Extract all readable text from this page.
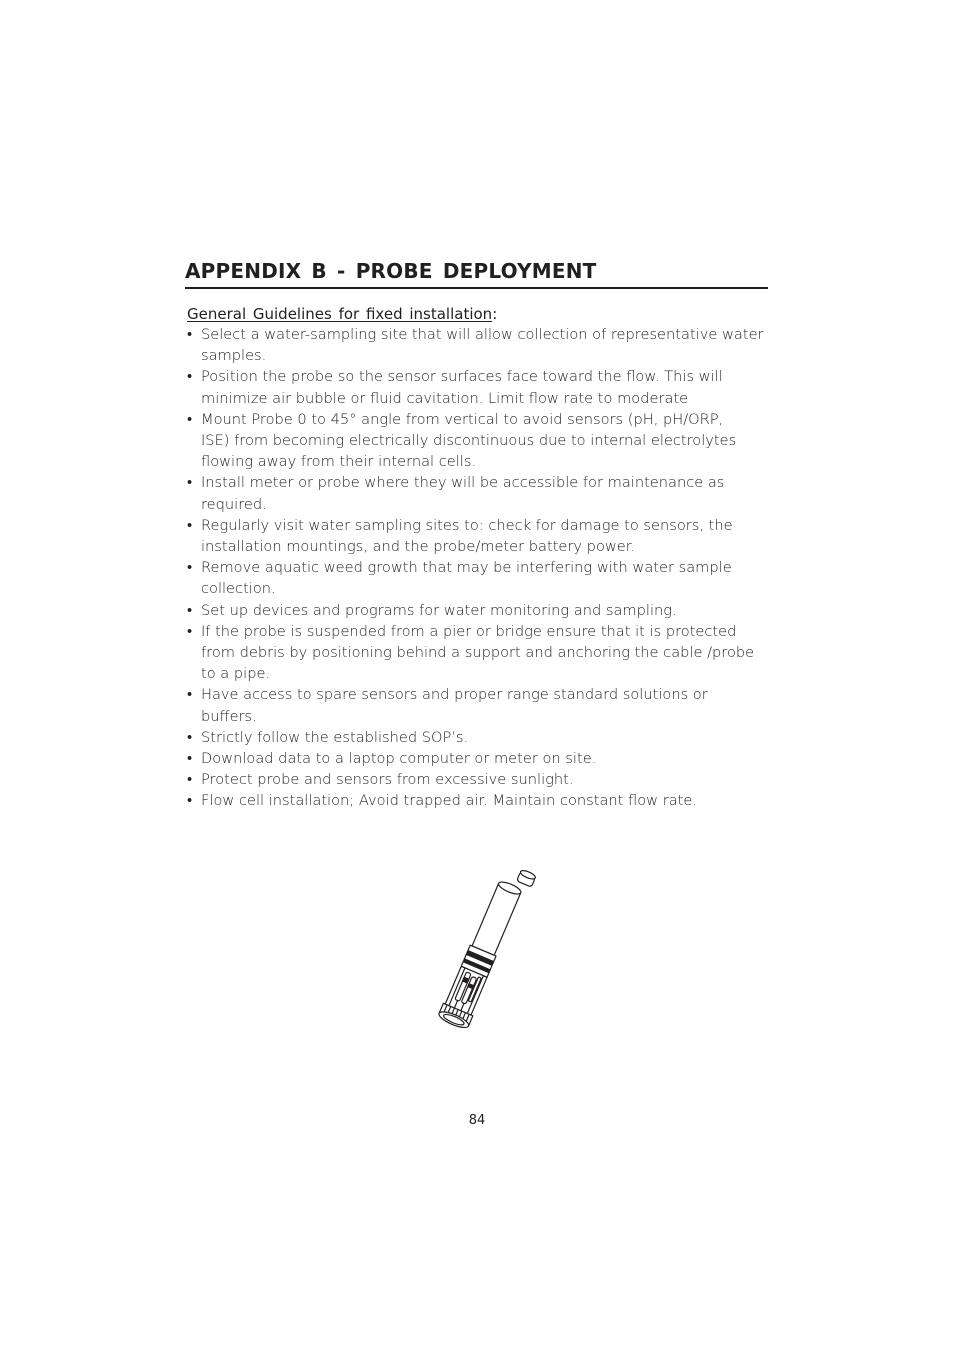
APPENDIX B - PROBE DEPLOYMENT

General Guidelines for fixed installation:

• Select a water-sampling site that will allow collection of representative water
samples.
• Position the probe so the sensor surfaces face toward the flow. This will
minimize air bubble or fluid cavitation. Limit flow rate to moderate
• Mount Probe 0 to 45° angle from vertical to avoid sensors (pH, pH/ORP,
ISE) from becoming electrically discontinuous due to internal electrolytes
flowing away from their internal cells.
• Install meter or probe where they will be accessible for maintenance as
required.
• Regularly visit water sampling sites to: check for damage to sensors, the
installation mountings, and the probe/meter battery power.
• Remove aquatic weed growth that may be interfering with water sample
collection.
• Set up devices and programs for water monitoring and sampling.
• If the probe is suspended from a pier or bridge ensure that it is protected
from debris by positioning behind a support and anchoring the cable /probe
to a pipe.
• Have access to spare sensors and proper range standard solutions or
buffers.
• Strictly follow the established SOP’s.
• Download data to a laptop computer or meter on site.
• Protect probe and sensors from excessive sunlight.
• Flow cell installation; Avoid trapped air. Maintain constant flow rate.

84
